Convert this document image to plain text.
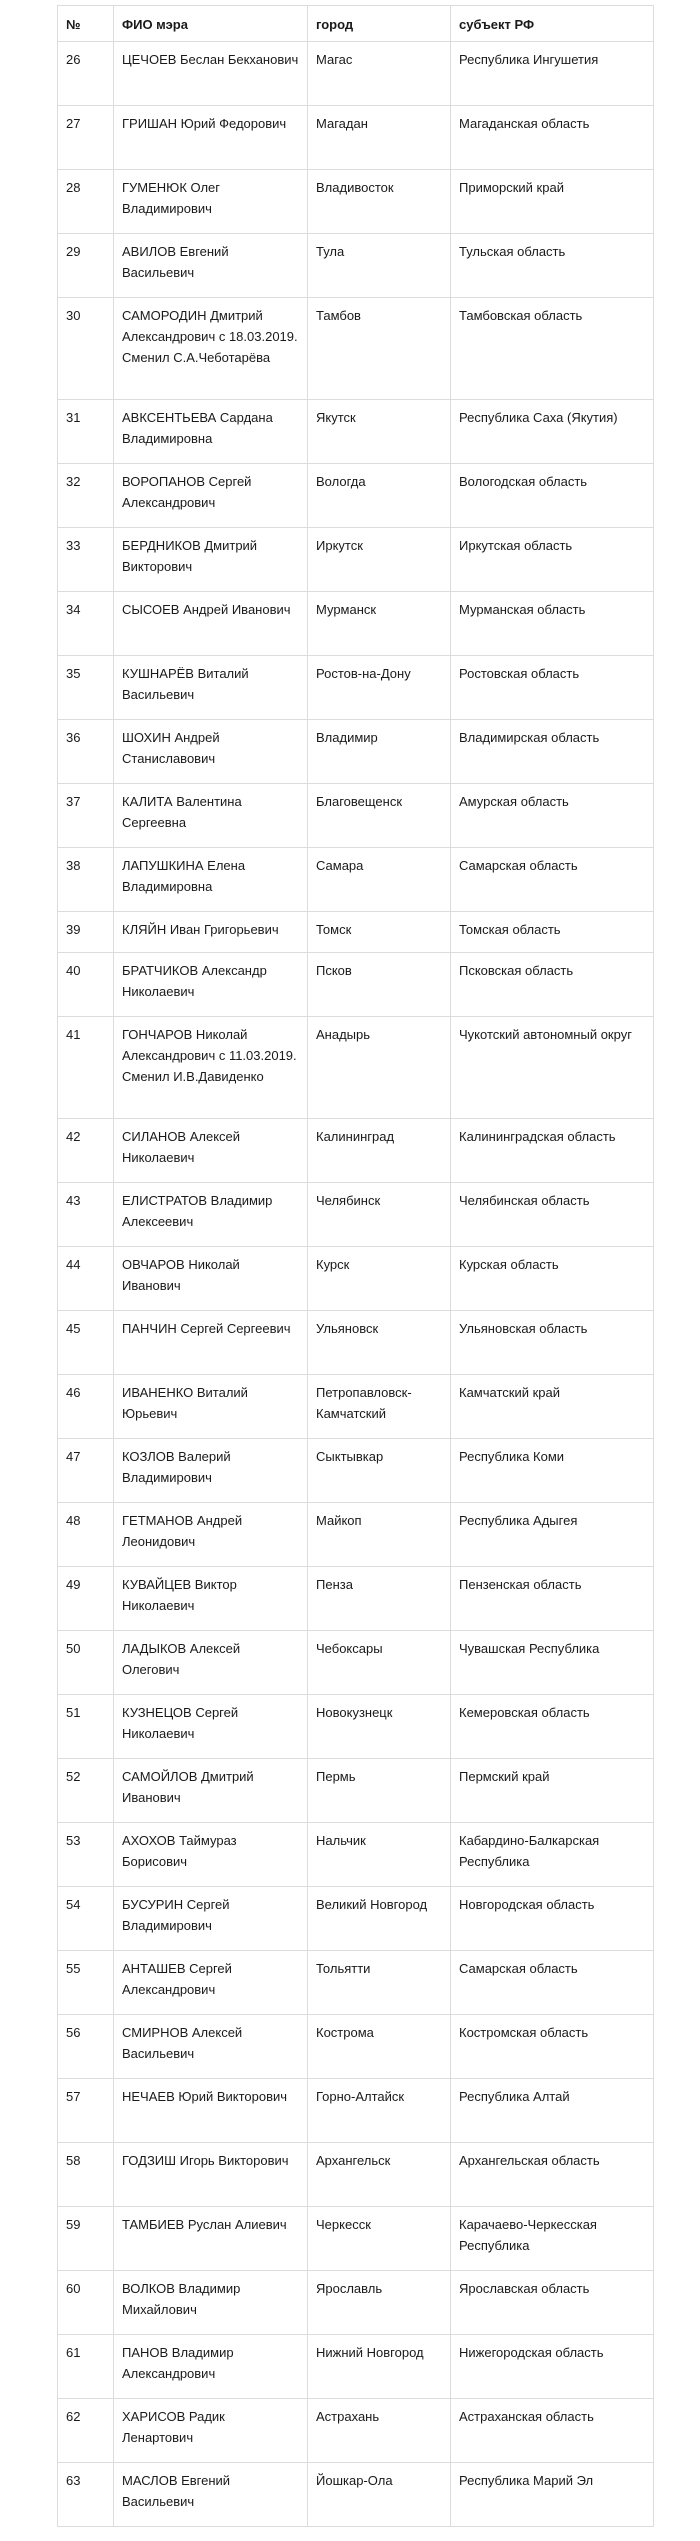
№	ФИО мэра	город	субъект РФ
26	ЦЕЧОЕВ Беслан Бекханович	Магас	Республика Ингушетия
27	ГРИШАН Юрий Федорович	Магадан	Магаданская область
28	ГУМЕНЮК Олег Владимирович	Владивосток	Приморский край
29	АВИЛОВ Евгений Васильевич	Тула	Тульская область
30	САМОРОДИН Дмитрий Александрович с 18.03.2019. Сменил С.А.Чеботарёва	Тамбов	Тамбовская область
31	АВКСЕНТЬЕВА Сардана Владимировна	Якутск	Республика Саха (Якутия)
32	ВОРОПАНОВ Сергей Александрович	Вологда	Вологодская область
33	БЕРДНИКОВ Дмитрий Викторович	Иркутск	Иркутская область
34	СЫСОЕВ Андрей Иванович	Мурманск	Мурманская область
35	КУШНАРЁВ Виталий Васильевич	Ростов-на-Дону	Ростовская область
36	ШОХИН Андрей Станиславович	Владимир	Владимирская область
37	КАЛИТА Валентина Сергеевна	Благовещенск	Амурская область
38	ЛАПУШКИНА Елена Владимировна	Самара	Самарская область
39	КЛЯЙН Иван Григорьевич	Томск	Томская область
40	БРАТЧИКОВ Александр Николаевич	Псков	Псковская область
41	ГОНЧАРОВ Николай Александрович с 11.03.2019. Сменил И.В.Давиденко	Анадырь	Чукотский автономный округ
42	СИЛАНОВ Алексей Николаевич	Калининград	Калининградская область
43	ЕЛИСТРАТОВ Владимир Алексеевич	Челябинск	Челябинская область
44	ОВЧАРОВ Николай Иванович	Курск	Курская область
45	ПАНЧИН Сергей Сергеевич	Ульяновск	Ульяновская область
46	ИВАНЕНКО Виталий Юрьевич	Петропавловск-Камчатский	Камчатский край
47	КОЗЛОВ Валерий Владимирович	Сыктывкар	Республика Коми
48	ГЕТМАНОВ Андрей Леонидович	Майкоп	Республика Адыгея
49	КУВАЙЦЕВ Виктор Николаевич	Пенза	Пензенская область
50	ЛАДЫКОВ Алексей Олегович	Чебоксары	Чувашская Республика
51	КУЗНЕЦОВ Сергей Николаевич	Новокузнецк	Кемеровская область
52	САМОЙЛОВ Дмитрий Иванович	Пермь	Пермский край
53	АХОХОВ Таймураз Борисович	Нальчик	Кабардино-Балкарская Республика
54	БУСУРИН Сергей Владимирович	Великий Новгород	Новгородская область
55	АНТАШЕВ Сергей Александрович	Тольятти	Самарская область
56	СМИРНОВ Алексей Васильевич	Кострома	Костромская область
57	НЕЧАЕВ Юрий Викторович	Горно-Алтайск	Республика Алтай
58	ГОДЗИШ Игорь Викторович	Архангельск	Архангельская область
59	ТАМБИЕВ Руслан Алиевич	Черкесск	Карачаево-Черкесская Республика
60	ВОЛКОВ Владимир Михайлович	Ярославль	Ярославская область
61	ПАНОВ Владимир Александрович	Нижний Новгород	Нижегородская область
62	ХАРИСОВ Радик Ленартович	Астрахань	Астраханская область
63	МАСЛОВ Евгений Васильевич	Йошкар-Ола	Республика Марий Эл
